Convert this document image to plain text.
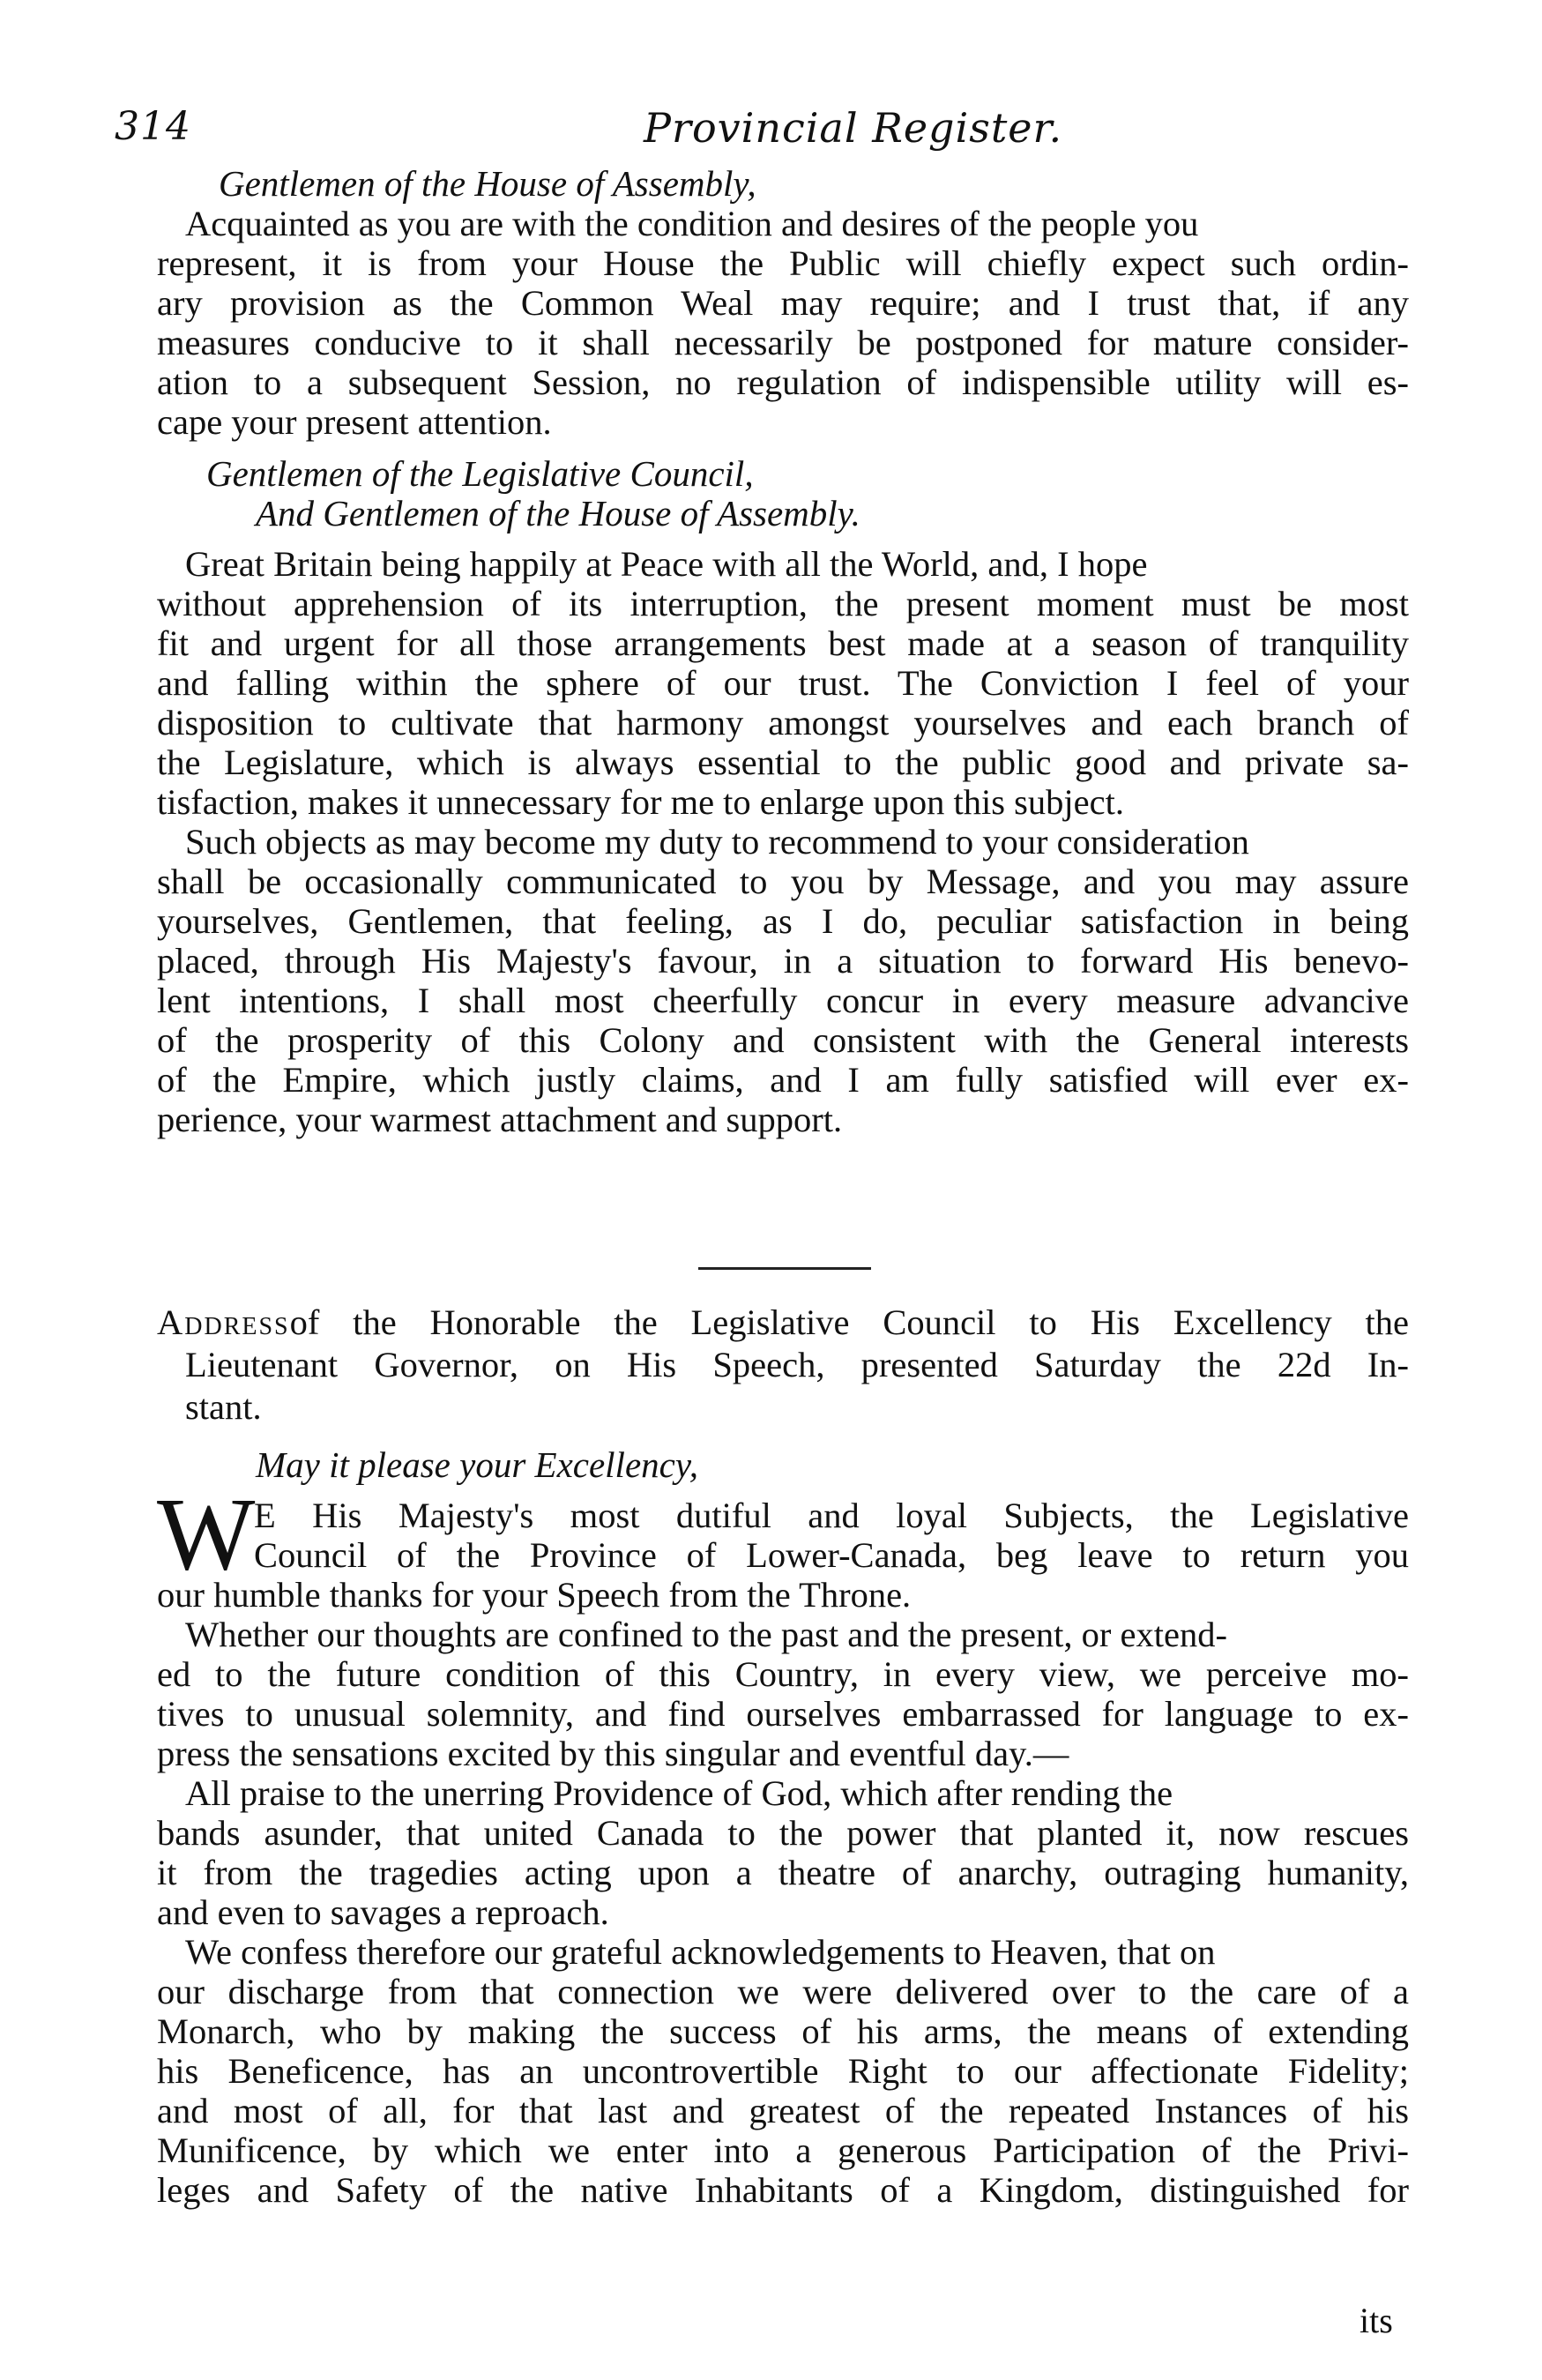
314	Provincial Register.

Gentlemen of the House of Assembly,

Acquainted as you are with the condition and desires of the people you
represent, it is from your House the Public will chiefly expect such ordin-
ary provision as the Common Weal may require; and I trust that, if any
measures conducive to it shall necessarily be postponed for mature consider-
ation to a subsequent Session, no regulation of indispensible utility will es-
cape your present attention.

Gentlemen of the Legislative Council,

And Gentlemen of the House of Assembly.

Great Britain being happily at Peace with all the World, and, I hope
without apprehension of its interruption, the present moment must be most
fit and urgent for all those arrangements best made at a season of tranquility
and falling within the sphere of our trust. The Conviction I feel of your
disposition to cultivate that harmony amongst yourselves and each branch of
the Legislature, which is always essential to the public good and private sa-
tisfaction, makes it unnecessary for me to enlarge upon this subject.
Such objects as may become my duty to recommend to your consideration
shall be occasionally communicated to you by Message, and you may assure
yourselves, Gentlemen, that feeling, as I do, peculiar satisfaction in being
placed, through His Majesty's favour, in a situation to forward His benevo-
lent intentions, I shall most cheerfully concur in every measure advancive
of the prosperity of this Colony and consistent with the General interests
of the Empire, which justly claims, and I am fully satisfied will ever ex-
perience, your warmest attachment and support.
Addressof the Honorable the Legislative Council to His Excellency the
Lieutenant Governor, on His Speech, presented Saturday the 22d In-
stant.

May it please your Excellency,

W
E His Majesty's most dutiful and loyal Subjects, the Legislative
Council of the Province of Lower-Canada, beg leave to return you
our humble thanks for your Speech from the Throne.
Whether our thoughts are confined to the past and the present, or extend-
ed to the future condition of this Country, in every view, we perceive mo-
tives to unusual solemnity, and find ourselves embarrassed for language to ex-
press the sensations excited by this singular and eventful day.—
All praise to the unerring Providence of God, which after rending the
bands asunder, that united Canada to the power that planted it, now rescues
it from the tragedies acting upon a theatre of anarchy, outraging humanity,
and even to savages a reproach.
We confess therefore our grateful acknowledgements to Heaven, that on
our discharge from that connection we were delivered over to the care of a
Monarch, who by making the success of his arms, the means of extending
his Beneficence, has an uncontrovertible Right to our affectionate Fidelity;
and most of all, for that last and greatest of the repeated Instances of his
Munificence, by which we enter into a generous Participation of the Privi-
leges and Safety of the native Inhabitants of a Kingdom, distinguished for
its
